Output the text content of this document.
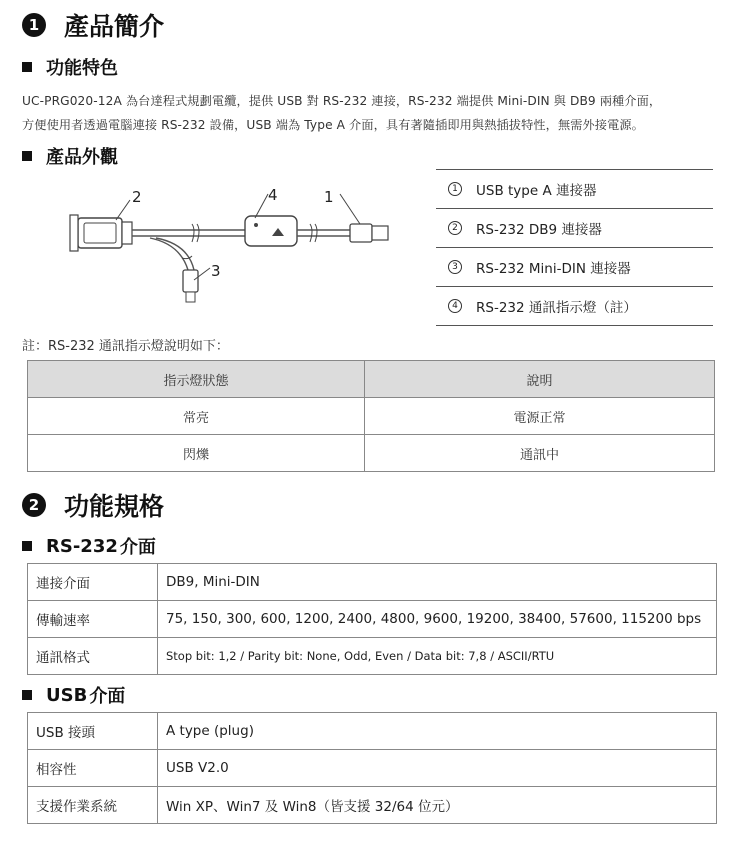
1 產品簡介
功能特色
UC-PRG020-12A 為台達程式規劃電纜，提供 USB 對 RS-232 連接，RS-232 端提供 Mini-DIN 與 DB9 兩種介面，
方便使用者透過電腦連接 RS-232 設備，USB 端為 Type A 介面，具有著隨插即用與熱插拔特性，無需外接電源。
產品外觀
2	4	1
3
1	USB type A 連接器
2	RS-232 DB9 連接器
3	RS-232 Mini-DIN 連接器
4	RS-232 通訊指示燈（註）
註：RS-232 通訊指示燈說明如下：
指示燈狀態	說明
常亮	電源正常
閃爍	通訊中
2 功能規格
RS-232 介面
連接介面	DB9, Mini-DIN
傳輸速率	75, 150, 300, 600, 1200, 2400, 4800, 9600, 19200, 38400, 57600, 115200 bps
通訊格式	Stop bit: 1,2 / Parity bit: None, Odd, Even / Data bit: 7,8 / ASCII/RTU
USB 介面
USB 接頭	A type (plug)
相容性	USB V2.0
支援作業系統	Win XP、Win7 及 Win8（皆支援 32/64 位元）
